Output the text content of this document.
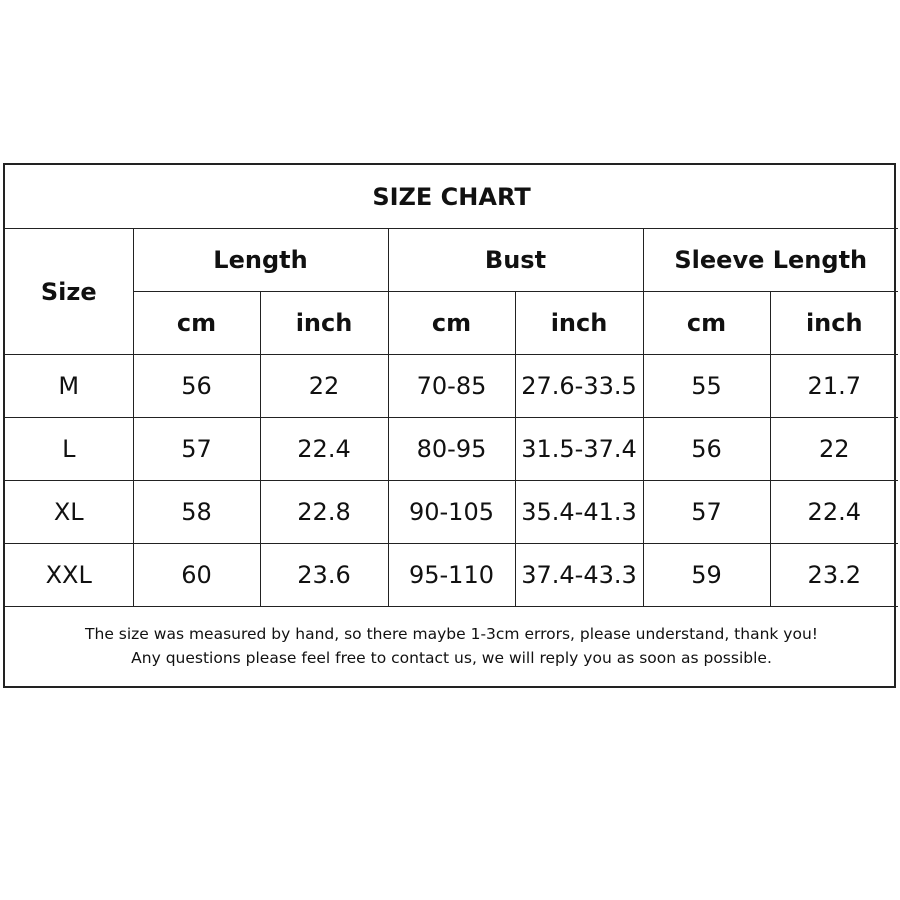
SIZE CHART						
Size	Length		Bust		Sleeve Length	
	cm	inch	cm	inch	cm	inch
M	56	22	70-85	27.6-33.5	55	21.7
L	57	22.4	80-95	31.5-37.4	56	22
XL	58	22.8	90-105	35.4-41.3	57	22.4
XXL	60	23.6	95-110	37.4-43.3	59	23.2

The size was measured by hand, so there maybe 1-3cm errors, please understand, thank you!
Any questions please feel free to contact us, we will reply you as soon as possible.						
